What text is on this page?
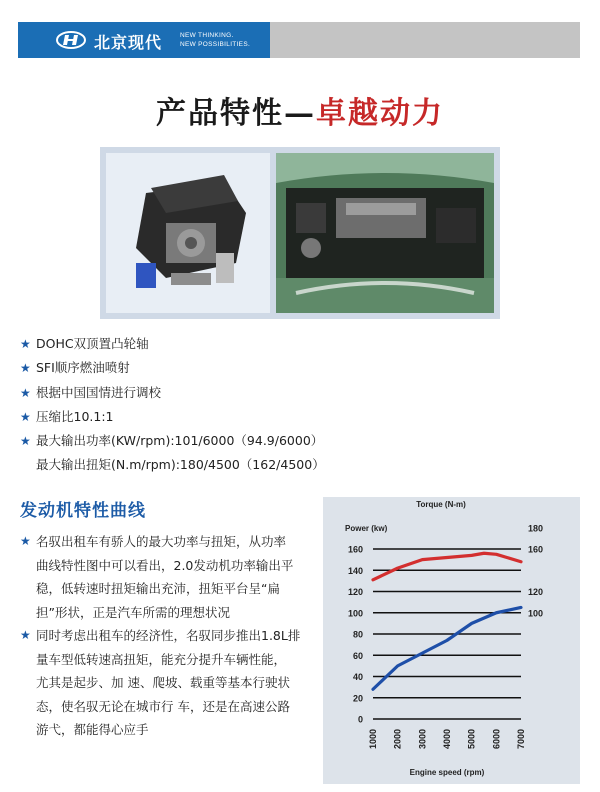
北京现代	NEW THINKING.
NEW POSSIBILITIES.
产品特性—卓越动力
★ DOHC双顶置凸轮轴
★ SFI顺序燃油喷射
★ 根据中国国情进行调校
★ 压缩比10.1:1
★ 最大输出功率(KW/rpm):101/6000（94.9/6000）
最大输出扭矩(N.m/rpm):180/4500（162/4500）
发动机特性曲线
★ 名驭出租车有骄人的最大功率与扭矩，从功率
曲线特性图中可以看出，2.0发动机功率输出平
稳，低转速时扭矩输出充沛，扭矩平台呈“扁
担”形状，正是汽车所需的理想状况
★ 同时考虑出租车的经济性，名驭同步推出1.8L排
量车型低转速高扭矩，能充分提升车辆性能，
尤其是起步、加 速、爬坡、载重等基本行驶状
态，使名驭无论在城市行 车，还是在高速公路
游弋，都能得心应手
Torque (N-m)
Power (kw)
0
20
40
60
80
100
120
140
160
100
120
160
180
1000 2000 3000 4000 5000 6000 7000
Engine speed (rpm)
